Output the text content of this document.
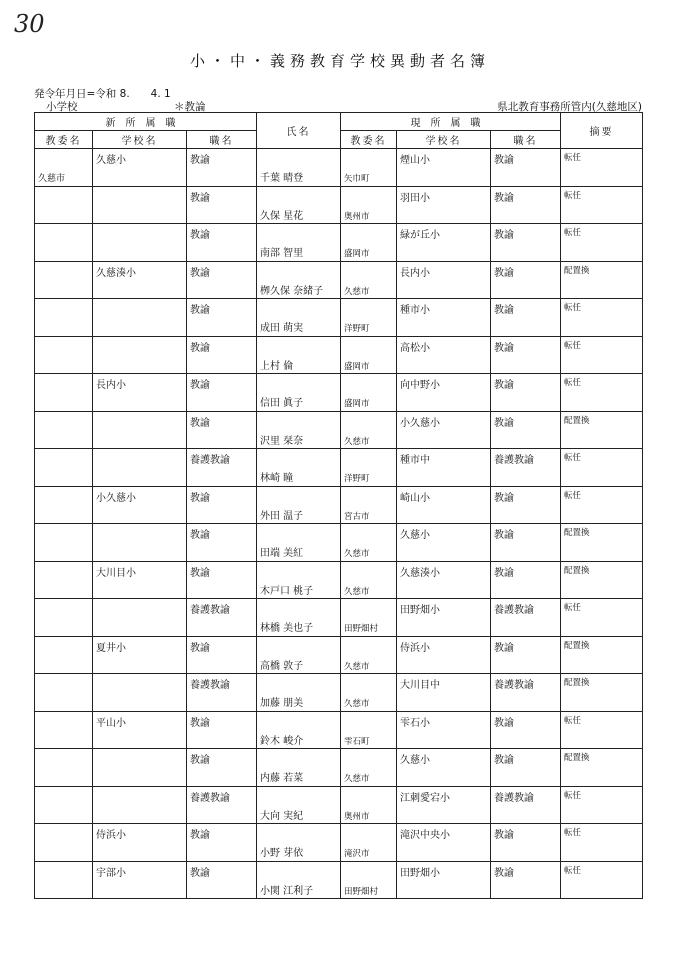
30
小・中・義務教育学校異動者名簿
発令年月日=令和 8.　　4. 1
小学校	＊教論	県北教育事務所管内(久慈地区)
新所属職			氏名	現所属職			摘要
教委名	学校名	職名		教委名	学校名	職名	

久慈市	久慈小	教諭	千葉 晴登	矢巾町	煙山小	教諭	転任

		教諭	久保 星花	奥州市	羽田小	教諭	転任

		教諭	南部 智里	盛岡市	緑が丘小	教諭	転任

	久慈湊小	教諭	栁久保 奈緒子	久慈市	長内小	教諭	配置換

		教諭	成田 萌実	洋野町	種市小	教諭	転任

		教諭	上村 倫	盛岡市	高松小	教諭	転任

	長内小	教諭	信田 眞子	盛岡市	向中野小	教諭	転任

		教諭	沢里 栞奈	久慈市	小久慈小	教諭	配置換

		養護教諭	林崎 瞳	洋野町	種市中	養護教諭	転任

	小久慈小	教諭	外田 温子	宮古市	崎山小	教諭	転任

		教諭	田端 美紅	久慈市	久慈小	教諭	配置換

	大川目小	教諭	木戸口 桃子	久慈市	久慈湊小	教諭	配置換

		養護教諭	林橋 美也子	田野畑村	田野畑小	養護教諭	転任

	夏井小	教諭	高橋 敦子	久慈市	侍浜小	教諭	配置換

		養護教諭	加藤 朋美	久慈市	大川目中	養護教諭	配置換

	平山小	教諭	鈴木 峻介	雫石町	雫石小	教諭	転任

		教諭	内藤 若菜	久慈市	久慈小	教諭	配置換

		養護教諭	大向 実紀	奥州市	江刺愛宕小	養護教諭	転任

	侍浜小	教諭	小野 芽依	滝沢市	滝沢中央小	教諭	転任

	宇部小	教諭	小関 江利子	田野畑村	田野畑小	教諭	転任
